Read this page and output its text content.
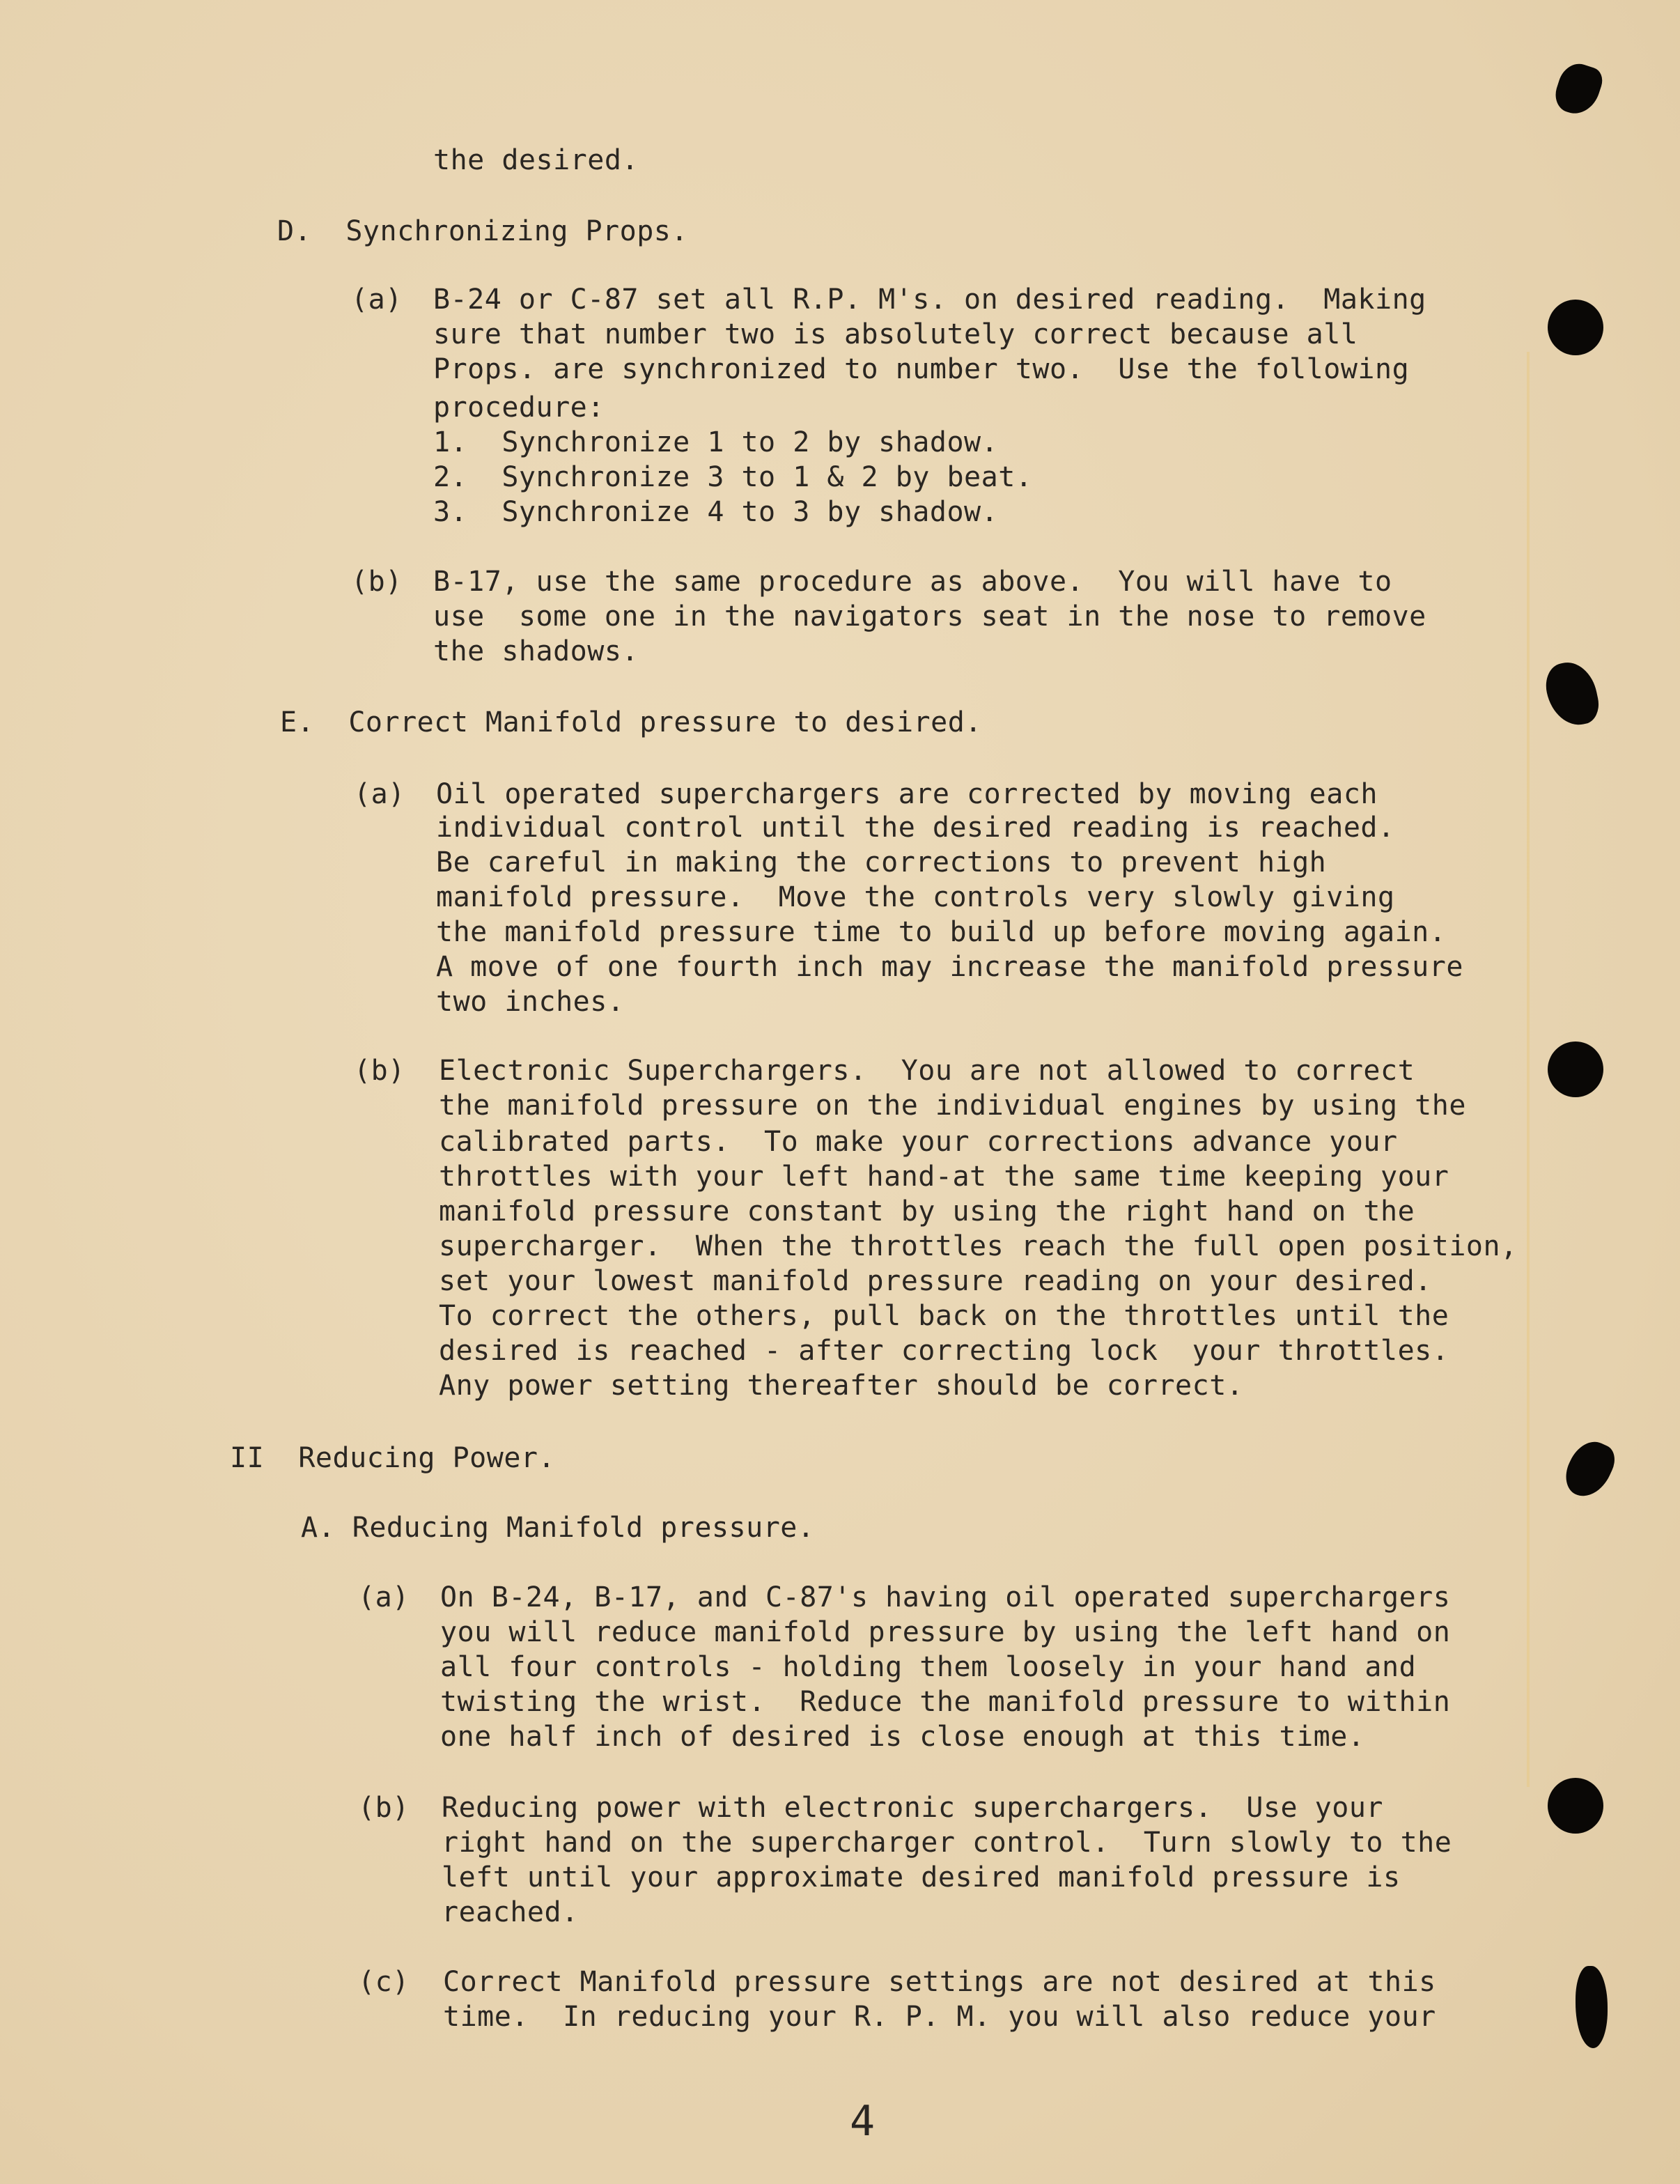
the desired.
D.  Synchronizing Props.
(a) B-24 or C-87 set all R.P. M's. on desired reading.  Making
sure that number two is absolutely correct because all
Props. are synchronized to number two.  Use the following
procedure:
1.  Synchronize 1 to 2 by shadow.
2.  Synchronize 3 to 1 & 2 by beat.
3.  Synchronize 4 to 3 by shadow.
(b) B-17, use the same procedure as above.  You will have to
use  some one in the navigators seat in the nose to remove
the shadows.
E.  Correct Manifold pressure to desired.
(a) Oil operated superchargers are corrected by moving each
individual control until the desired reading is reached.
Be careful in making the corrections to prevent high
manifold pressure.  Move the controls very slowly giving
the manifold pressure time to build up before moving again.
A move of one fourth inch may increase the manifold pressure
two inches.
(b) Electronic Superchargers.  You are not allowed to correct
the manifold pressure on the individual engines by using the
calibrated parts.  To make your corrections advance your
throttles with your left hand-at the same time keeping your
manifold pressure constant by using the right hand on the
supercharger.  When the throttles reach the full open position,
set your lowest manifold pressure reading on your desired.
To correct the others, pull back on the throttles until the
desired is reached - after correcting lock  your throttles.
Any power setting thereafter should be correct.
II  Reducing Power.
A. Reducing Manifold pressure.
(a) On B-24, B-17, and C-87's having oil operated superchargers
you will reduce manifold pressure by using the left hand on
all four controls - holding them loosely in your hand and
twisting the wrist.  Reduce the manifold pressure to within
one half inch of desired is close enough at this time.
(b) Reducing power with electronic superchargers.  Use your
right hand on the supercharger control.  Turn slowly to the
left until your approximate desired manifold pressure is
reached.
(c) Correct Manifold pressure settings are not desired at this
time.  In reducing your R. P. M. you will also reduce your
4
